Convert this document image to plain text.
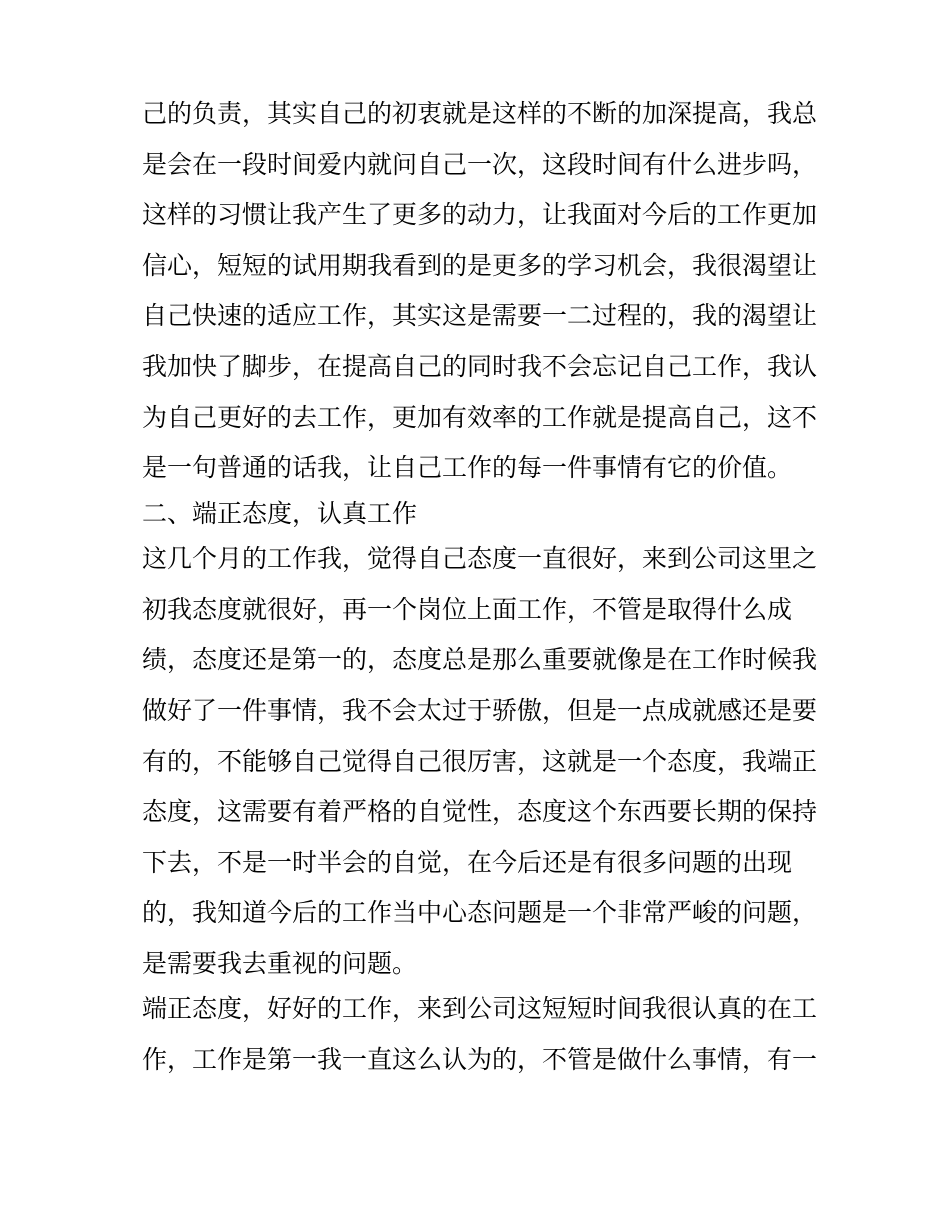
己的负责，其实自己的初衷就是这样的不断的加深提高，我总
是会在一段时间爱内就问自己一次，这段时间有什么进步吗，
这样的习惯让我产生了更多的动力，让我面对今后的工作更加
信心，短短的试用期我看到的是更多的学习机会，我很渴望让
自己快速的适应工作，其实这是需要一二过程的，我的渴望让
我加快了脚步，在提高自己的同时我不会忘记自己工作，我认
为自己更好的去工作，更加有效率的工作就是提高自己，这不
是一句普通的话我，让自己工作的每一件事情有它的价值。
二、端正态度，认真工作
这几个月的工作我，觉得自己态度一直很好，来到公司这里之
初我态度就很好，再一个岗位上面工作，不管是取得什么成
绩，态度还是第一的，态度总是那么重要就像是在工作时候我
做好了一件事情，我不会太过于骄傲，但是一点成就感还是要
有的，不能够自己觉得自己很厉害，这就是一个态度，我端正
态度，这需要有着严格的自觉性，态度这个东西要长期的保持
下去，不是一时半会的自觉，在今后还是有很多问题的出现
的，我知道今后的工作当中心态问题是一个非常严峻的问题，
是需要我去重视的问题。
端正态度，好好的工作，来到公司这短短时间我很认真的在工
作，工作是第一我一直这么认为的，不管是做什么事情，有一
